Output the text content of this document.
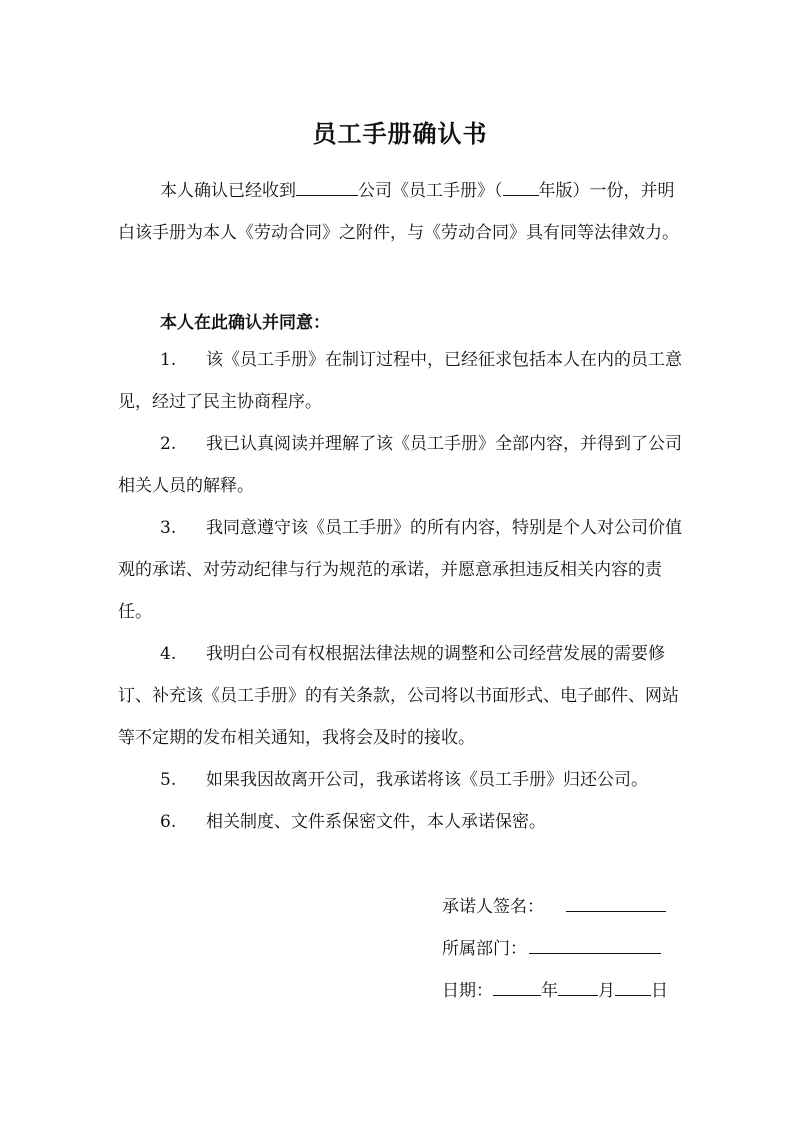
员工手册确认书
本人确认已经收到	公司《员工手册》（ 年版）一份，并明白该手册为本人《劳动合同》之附件，与《劳动合同》具有同等法律效力。
本人在此确认并同意：

1. 该《员工手册》在制订过程中，已经征求包括本人在内的员工意见，经过了民主协商程序。

2. 我已认真阅读并理解了该《员工手册》全部内容，并得到了公司相关人员的解释。

3. 我同意遵守该《员工手册》的所有内容，特别是个人对公司价值观的承诺、对劳动纪律与行为规范的承诺，并愿意承担违反相关内容的责任。

4. 我明白公司有权根据法律法规的调整和公司经营发展的需要修订、补充该《员工手册》的有关条款，公司将以书面形式、电子邮件、网站等不定期的发布相关通知，我将会及时的接收。

5. 如果我因故离开公司，我承诺将该《员工手册》归还公司。

6. 相关制度、文件系保密文件，本人承诺保密。

承诺人签名：
所属部门：
日期：	年 月 日
